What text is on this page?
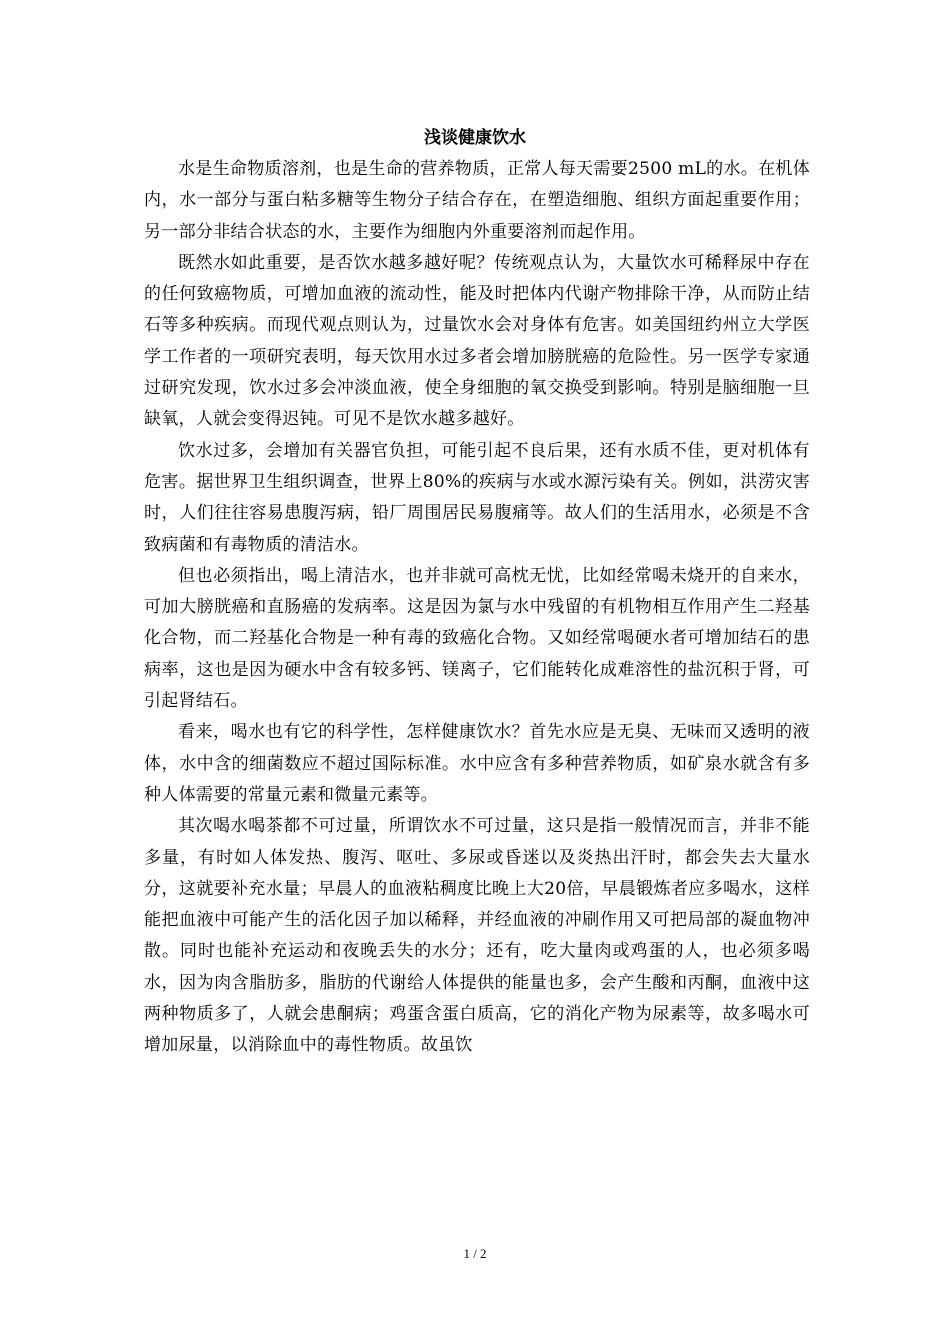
浅谈健康饮水

水是生命物质溶剂，也是生命的营养物质，正常人每天需要2500 mL的水。在机体内，水一部分与蛋白粘多糖等生物分子结合存在，在塑造细胞、组织方面起重要作用；另一部分非结合状态的水，主要作为细胞内外重要溶剂而起作用。

既然水如此重要，是否饮水越多越好呢？传统观点认为，大量饮水可稀释尿中存在的任何致癌物质，可增加血液的流动性，能及时把体内代谢产物排除干净，从而防止结石等多种疾病。而现代观点则认为，过量饮水会对身体有危害。如美国纽约州立大学医学工作者的一项研究表明，每天饮用水过多者会增加膀胱癌的危险性。另一医学专家通过研究发现，饮水过多会冲淡血液，使全身细胞的氧交换受到影响。特别是脑细胞一旦缺氧，人就会变得迟钝。可见不是饮水越多越好。

饮水过多，会增加有关器官负担，可能引起不良后果，还有水质不佳，更对机体有危害。据世界卫生组织调查，世界上80%的疾病与水或水源污染有关。例如，洪涝灾害时，人们往往容易患腹泻病，铅厂周围居民易腹痛等。故人们的生活用水，必须是不含致病菌和有毒物质的清洁水。

但也必须指出，喝上清洁水，也并非就可高枕无忧，比如经常喝未烧开的自来水，可加大膀胱癌和直肠癌的发病率。这是因为氯与水中残留的有机物相互作用产生二羟基化合物，而二羟基化合物是一种有毒的致癌化合物。又如经常喝硬水者可增加结石的患病率，这也是因为硬水中含有较多钙、镁离子，它们能转化成难溶性的盐沉积于肾，可引起肾结石。

看来，喝水也有它的科学性，怎样健康饮水？首先水应是无臭、无味而又透明的液体，水中含的细菌数应不超过国际标准。水中应含有多种营养物质，如矿泉水就含有多种人体需要的常量元素和微量元素等。

其次喝水喝茶都不可过量，所谓饮水不可过量，这只是指一般情况而言，并非不能多量，有时如人体发热、腹泻、呕吐、多尿或昏迷以及炎热出汗时，都会失去大量水分，这就要补充水量；早晨人的血液粘稠度比晚上大20倍，早晨锻炼者应多喝水，这样能把血液中可能产生的活化因子加以稀释，并经血液的冲刷作用又可把局部的凝血物冲散。同时也能补充运动和夜晚丢失的水分；还有，吃大量肉或鸡蛋的人，也必须多喝水，因为肉含脂肪多，脂肪的代谢给人体提供的能量也多，会产生酸和丙酮，血液中这两种物质多了，人就会患酮病；鸡蛋含蛋白质高，它的消化产物为尿素等，故多喝水可增加尿量，以消除血中的毒性物质。故虽饮

1 / 2
